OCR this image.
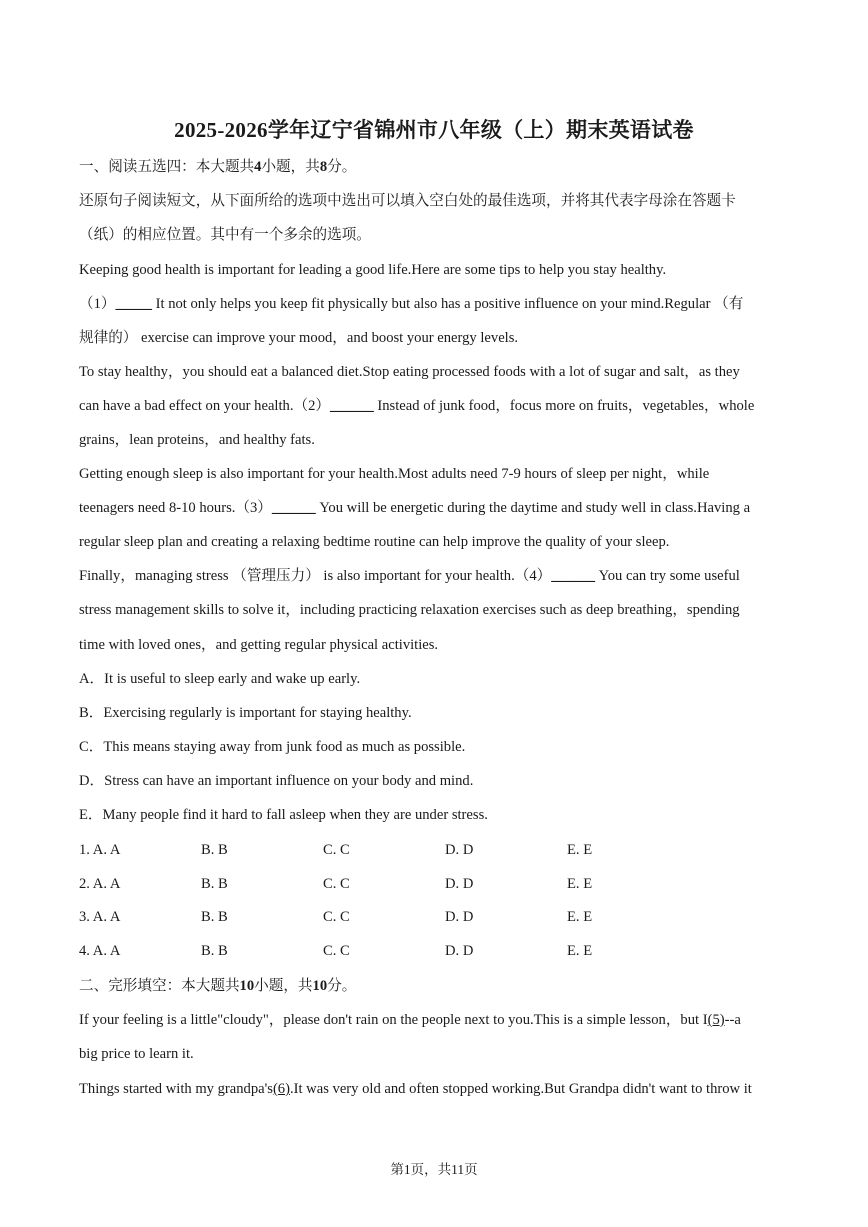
2025-2026学年辽宁省锦州市八年级（上）期末英语试卷
一、阅读五选四：本大题共4小题，共8分。
还原句子阅读短文，从下面所给的选项中选出可以填入空白处的最佳选项，并将其代表字母涂在答题卡
（纸）的相应位置。其中有一个多余的选项。
Keeping good health is important for leading a good life.Here are some tips to help you stay healthy.
（1）_____ It not only helps you keep fit physically but also has a positive influence on your mind.Regular （有
规律的） exercise can improve your mood，and boost your energy levels.
To stay healthy，you should eat a balanced diet.Stop eating processed foods with a lot of sugar and salt，as they
can have a bad effect on your health.（2）______ Instead of junk food，focus more on fruits，vegetables，whole
grains，lean proteins，and healthy fats.
Getting enough sleep is also important for your health.Most adults need 7-9 hours of sleep per night，while
teenagers need 8-10 hours.（3）______ You will be energetic during the daytime and study well in class.Having a
regular sleep plan and creating a relaxing bedtime routine can help improve the quality of your sleep.
Finally，managing stress （管理压力） is also important for your health.（4）______ You can try some useful
stress management skills to solve it，including practicing relaxation exercises such as deep breathing，spending
time with loved ones，and getting regular physical activities.
A．It is useful to sleep early and wake up early.
B．Exercising regularly is important for staying healthy.
C．This means staying away from junk food as much as possible.
D．Stress can have an important influence on your body and mind.
E．Many people find it hard to fall asleep when they are under stress.
1. A. A	B. B	C. C	D. D	E. E
2. A. A	B. B	C. C	D. D	E. E
3. A. A	B. B	C. C	D. D	E. E
4. A. A	B. B	C. C	D. D	E. E
二、完形填空：本大题共10小题，共10分。
If your feeling is a little"cloudy"，please don't rain on the people next to you.This is a simple lesson，but I(5)--a
big price to learn it.
Things started with my grandpa's(6).It was very old and often stopped working.But Grandpa didn't want to throw it
第1页，共11页
